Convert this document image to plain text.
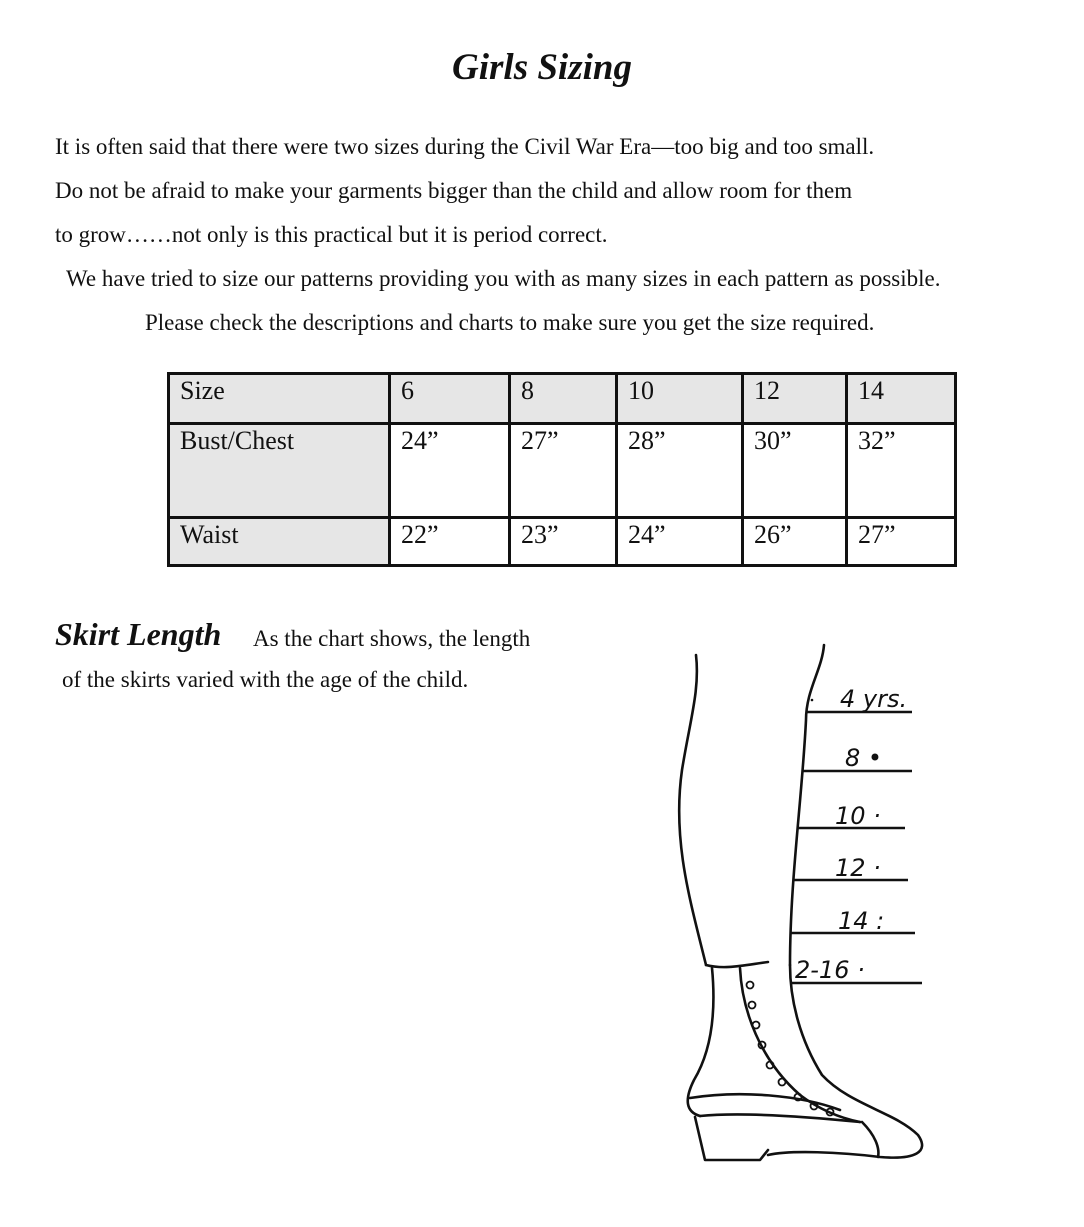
Girls Sizing
It is often said that there were two sizes during the Civil War Era—too big and too small.
Do not be afraid to make your garments bigger than the child and allow room for them
to grow……not only is this practical but it is period correct.
We have tried to size our patterns providing you with as many sizes in each pattern as possible.
Please check the descriptions and charts to make sure you get the size required.
Size	6	8	10	12	14
Bust/Chest	24”	27”	28”	30”	32”
Waist	22”	23”	24”	26”	27”
Skirt Length As the chart shows, the length
of the skirts varied with the age of the child.
4 yrs.
8 •
10 ·
12 ·
14 :
2-16 ·
